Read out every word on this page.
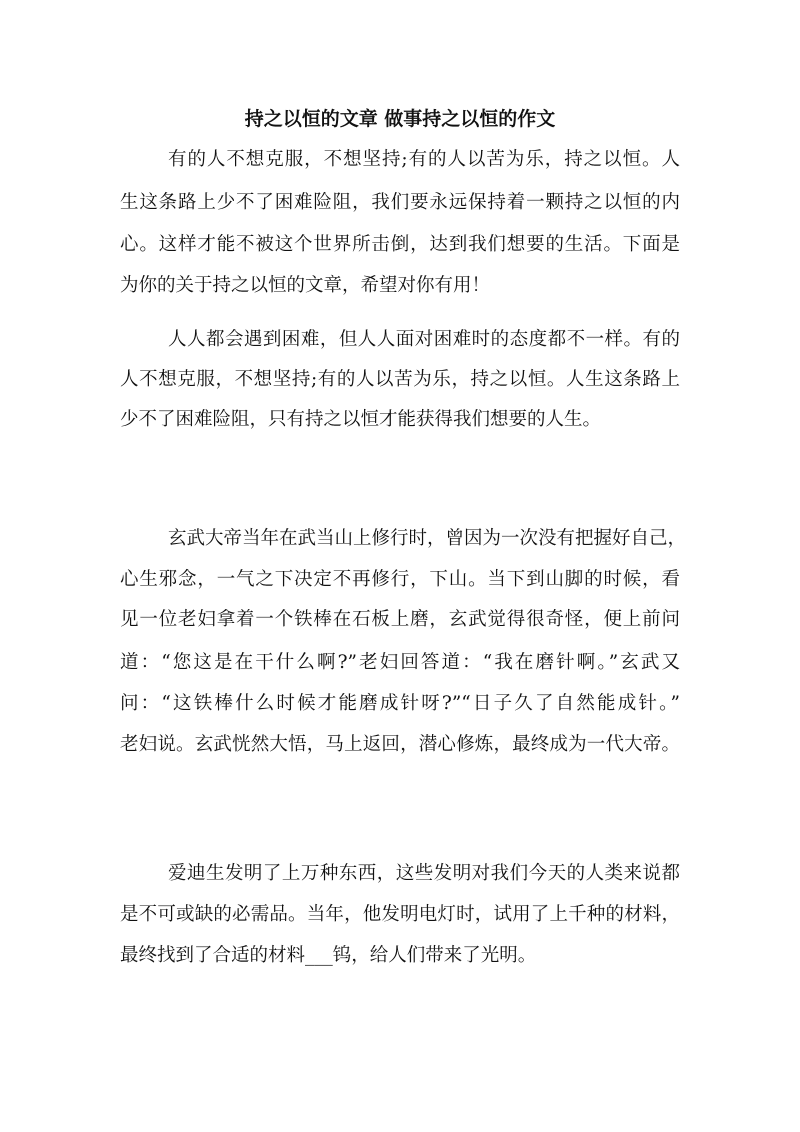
持之以恒的文章 做事持之以恒的作文
有的人不想克服，不想坚持;有的人以苦为乐，持之以恒。人
生这条路上少不了困难险阻，我们要永远保持着一颗持之以恒的内
心。这样才能不被这个世界所击倒，达到我们想要的生活。下面是
为你的关于持之以恒的文章，希望对你有用！
人人都会遇到困难，但人人面对困难时的态度都不一样。有的
人不想克服，不想坚持;有的人以苦为乐，持之以恒。人生这条路上
少不了困难险阻，只有持之以恒才能获得我们想要的人生。
玄武大帝当年在武当山上修行时，曾因为一次没有把握好自己，
心生邪念，一气之下决定不再修行，下山。当下到山脚的时候，看
见一位老妇拿着一个铁棒在石板上磨，玄武觉得很奇怪，便上前问
道：“您这是在干什么啊?”老妇回答道：“我在磨针啊。”玄武又
问：“这铁棒什么时候才能磨成针呀?”“日子久了自然能成针。”
老妇说。玄武恍然大悟，马上返回，潜心修炼，最终成为一代大帝。
爱迪生发明了上万种东西，这些发明对我们今天的人类来说都
是不可或缺的必需品。当年，他发明电灯时，试用了上千种的材料，
最终找到了合适的材料___钨，给人们带来了光明。
